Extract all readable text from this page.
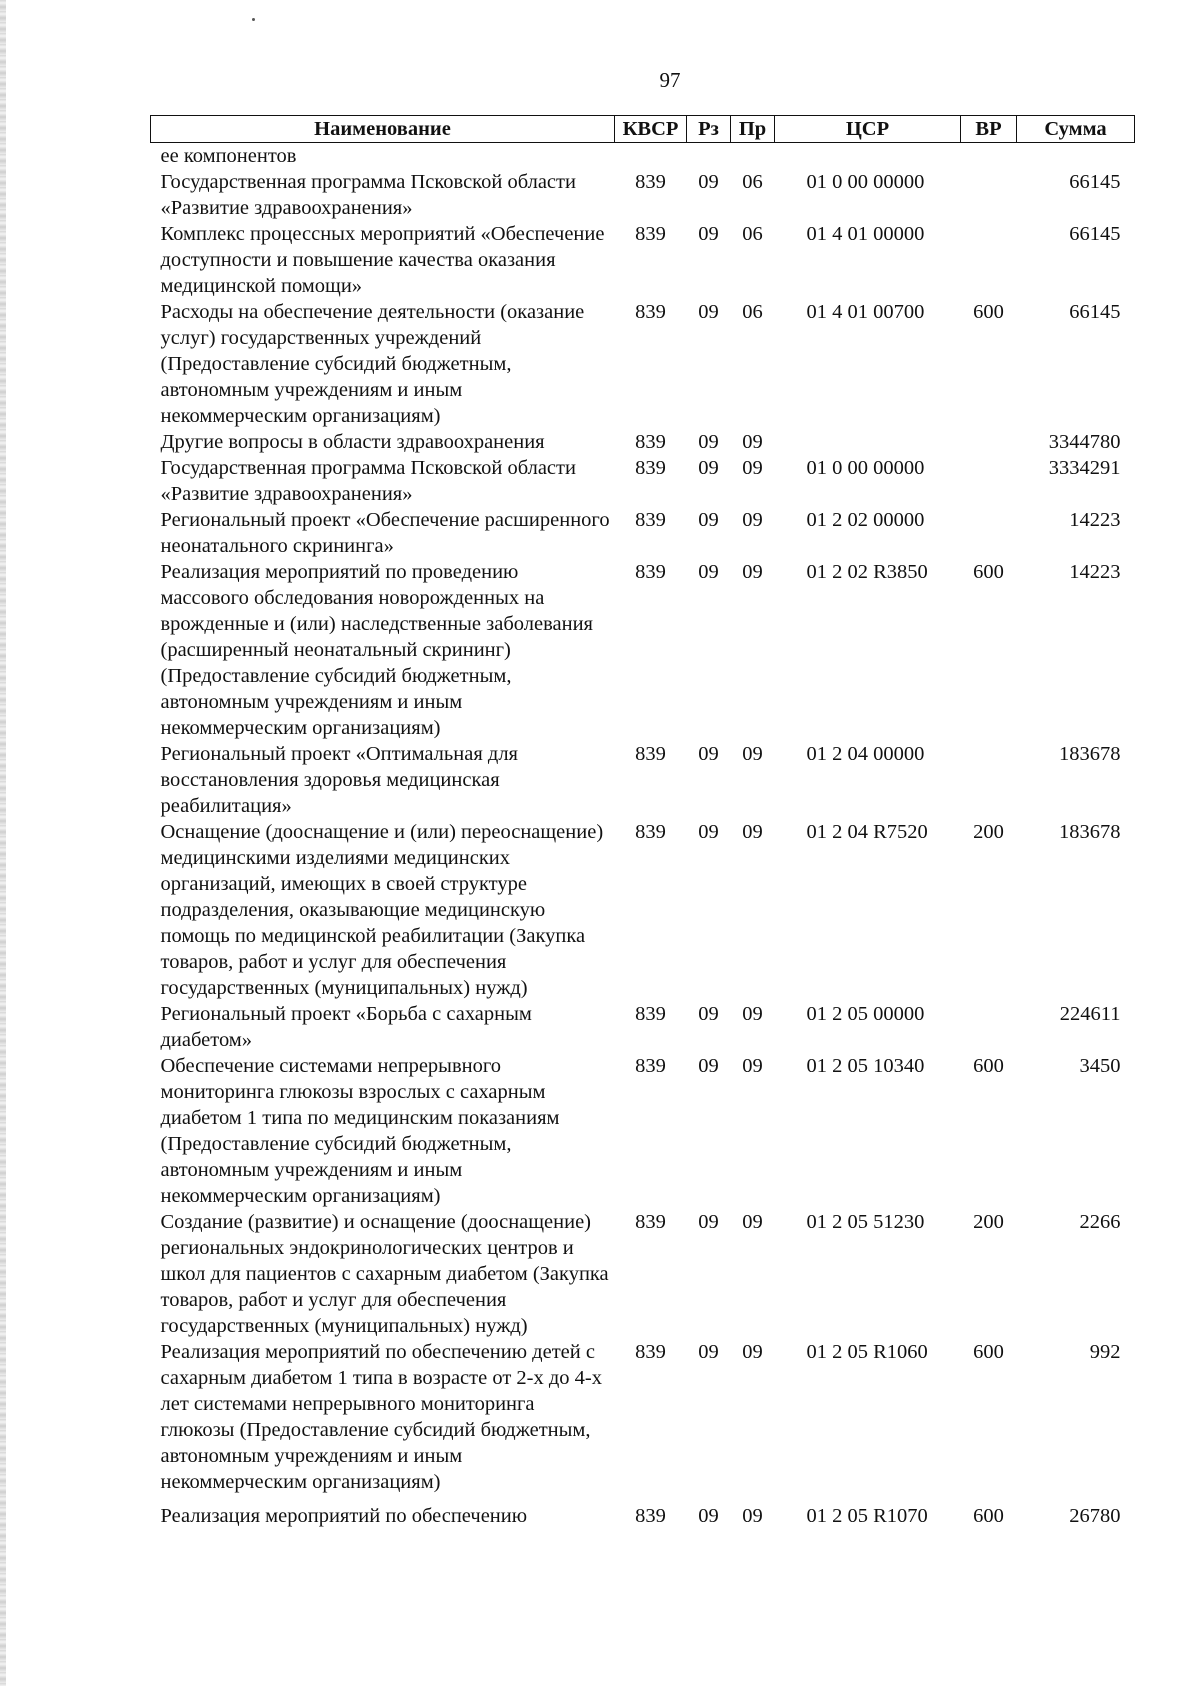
97
Наименование	КВСР	Рз	Пр	ЦСР	ВР	Сумма
ее компонентов						
Государственная программа Псковской области «Развитие здравоохранения»	839	09	06	01 0 00 00000		66145
Комплекс процессных мероприятий «Обеспечение доступности и повышение качества оказания медицинской помощи»	839	09	06	01 4 01 00000		66145
Расходы на обеспечение деятельности (оказание услуг) государственных учреждений (Предоставление субсидий бюджетным, автономным учреждениям и иным некоммерческим организациям)	839	09	06	01 4 01 00700	600	66145
Другие вопросы в области здравоохранения	839	09	09			3344780
Государственная программа Псковской области «Развитие здравоохранения»	839	09	09	01 0 00 00000		3334291
Региональный проект «Обеспечение расширенного неонатального скрининга»	839	09	09	01 2 02 00000		14223
Реализация мероприятий по проведению массового обследования новорожденных на врожденные и (или) наследственные заболевания (расширенный неонатальный скрининг) (Предоставление субсидий бюджетным, автономным учреждениям и иным некоммерческим организациям)	839	09	09	01 2 02 R3850	600	14223
Региональный проект «Оптимальная для восстановления здоровья медицинская реабилитация»	839	09	09	01 2 04 00000		183678
Оснащение (дооснащение и (или) переоснащение) медицинскими изделиями медицинских организаций, имеющих в своей структуре подразделения, оказывающие медицинскую помощь по медицинской реабилитации (Закупка товаров, работ и услуг для обеспечения государственных (муниципальных) нужд)	839	09	09	01 2 04 R7520	200	183678
Региональный проект «Борьба с сахарным диабетом»	839	09	09	01 2 05 00000		224611
Обеспечение системами непрерывного мониторинга глюкозы взрослых с сахарным диабетом 1 типа по медицинским показаниям (Предоставление субсидий бюджетным, автономным учреждениям и иным некоммерческим организациям)	839	09	09	01 2 05 10340	600	3450
Создание (развитие) и оснащение (дооснащение) региональных эндокринологических центров и школ для пациентов с сахарным диабетом (Закупка товаров, работ и услуг для обеспечения государственных (муниципальных) нужд)	839	09	09	01 2 05 51230	200	2266
Реализация мероприятий по обеспечению детей с сахарным диабетом 1 типа в возрасте от 2-х до 4-х лет системами непрерывного мониторинга глюкозы (Предоставление субсидий бюджетным, автономным учреждениям и иным некоммерческим организациям)	839	09	09	01 2 05 R1060	600	992
Реализация мероприятий по обеспечению	839	09	09	01 2 05 R1070	600	26780
